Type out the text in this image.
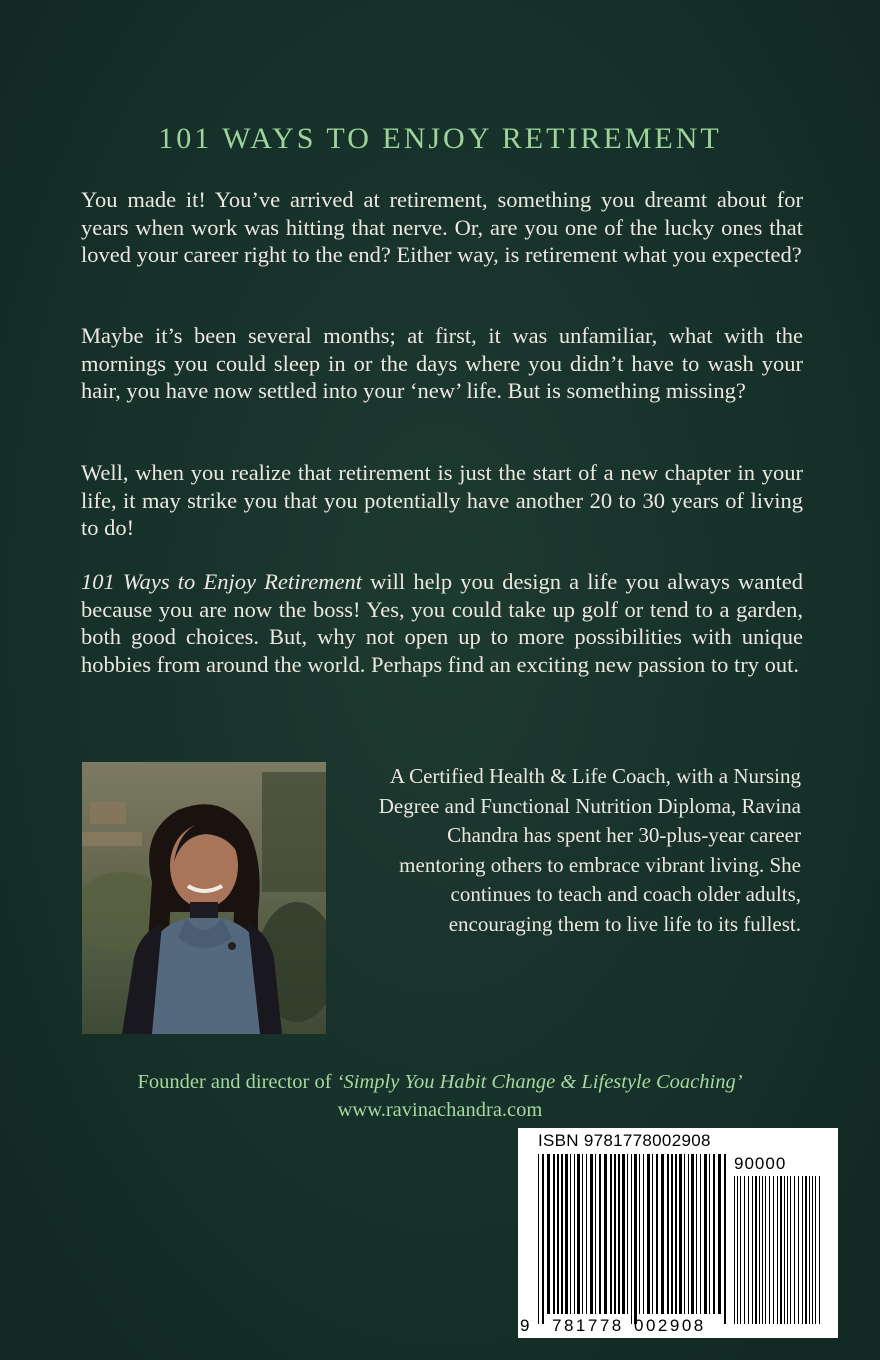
101 WAYS TO ENJOY RETIREMENT

You made it! You’ve arrived at retirement, something you dreamt about for years when work was hitting that nerve. Or, are you one of the lucky ones that loved your career right to the end? Either way, is retirement what you expected?

Maybe it’s been several months; at first, it was unfamiliar, what with the mornings you could sleep in or the days where you didn’t have to wash your hair, you have now settled into your ‘new’ life. But is something missing?

Well, when you realize that retirement is just the start of a new chapter in your life, it may strike you that you potentially have another 20 to 30 years of living to do!

101 Ways to Enjoy Retirement will help you design a life you always wanted because you are now the boss! Yes, you could take up golf or tend to a garden, both good choices. But, why not open up to more possibilities with unique hobbies from around the world. Perhaps find an exciting new passion to try out.

A Certified Health & Life Coach, with a Nursing Degree and Functional Nutrition Diploma, Ravina Chandra has spent her 30-plus-year career mentoring others to embrace vibrant living. She continues to teach and coach older adults, encouraging them to live life to its fullest.

Founder and director of ‘Simply You Habit Change & Lifestyle Coaching’

www.ravinachandra.com

ISBN 9781778002908
90000
9 781778 002908
